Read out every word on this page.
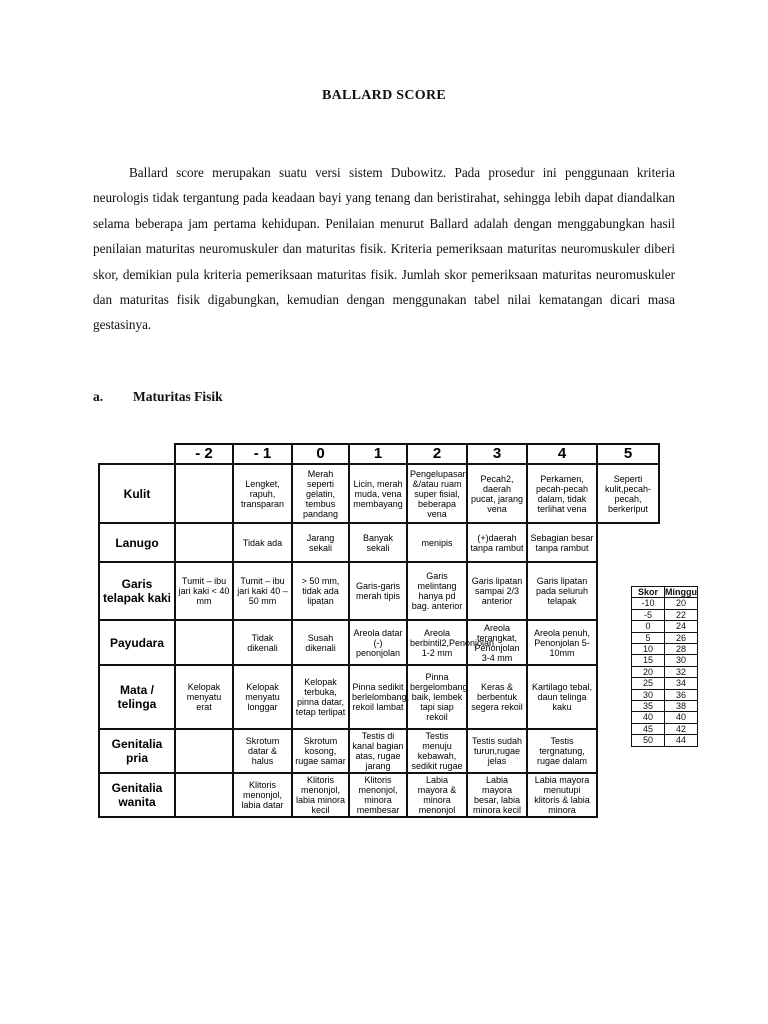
BALLARD SCORE

Ballard score merupakan suatu versi sistem Dubowitz. Pada prosedur ini penggunaan kriteria neurologis tidak tergantung pada keadaan bayi yang tenang dan beristirahat, sehingga lebih dapat diandalkan selama beberapa jam pertama kehidupan. Penilaian menurut Ballard adalah dengan menggabungkan hasil penilaian maturitas neuromuskuler dan maturitas fisik. Kriteria pemeriksaan maturitas neuromuskuler diberi skor, demikian pula kriteria pemeriksaan maturitas fisik. Jumlah skor pemeriksaan maturitas neuromuskuler dan maturitas fisik digabungkan, kemudian dengan menggunakan tabel nilai kematangan dicari masa gestasinya.

a. Maturitas Fisik
	- 2	- 1	0	1	2	3	4	5
Kulit		Lengket, rapuh, transparan	Merah seperti gelatin, tembus pandang	Licin, merah muda, vena membayang	Pengelupasan &/atau ruam super fisial, beberapa vena	Pecah2, daerah pucat, jarang vena	Perkamen, pecah-pecah dalam, tidak terlihat vena	Seperti kulit,pecah-pecah, berkeriput
Lanugo		Tidak ada	Jarang sekali	Banyak sekali	menipis	(+)daerah tanpa rambut	Sebagian besar tanpa rambut	
Garis telapak kaki	Tumit – ibu jari kaki < 40 mm	Tumit – ibu jari kaki 40 –50 mm	> 50 mm, tidak ada lipatan	Garis-garis merah tipis	Garis melintang hanya pd bag. anterior	Garis lipatan sampai 2/3 anterior	Garis lipatan pada seluruh telapak	
Payudara		Tidak dikenali	Susah dikenali	Areola datar (-) penonjolan	Areola berbintil2,Penonjolan 1-2 mm	Areola terangkat, Penonjolan 3-4 mm	Areola penuh, Penonjolan 5- 10mm	
Mata / telinga	Kelopak menyatu erat	Kelopak menyatu longgar	Kelopak terbuka, pinna datar, tetap terlipat	Pinna sedikit berlelombang, rekoil lambat	Pinna bergelombang baik, lembek tapi siap rekoil	Keras & berbentuk segera rekoil	Kartilago tebal, daun telinga kaku	
Genitalia pria		Skrotum datar & halus	Skrotum kosong, rugae samar	Testis di kanal bagian atas, rugae jarang	Testis menuju kebawah, sedikit rugae	Testis sudah turun,rugae jelas	Testis tergnatung, rugae dalam	
Genitalia wanita		Klitoris menonjol, labia datar	Klitoris menonjol, labia minora kecil	Klitoris menonjol, minora membesar	Labia mayora & minora menonjol	Labia mayora besar, labia minora kecil	Labia mayora menutupi klitoris & labia minora	
Skor	Minggu
-10	20
-5	22
0	24
5	26
10	28
15	30
20	32
25	34
30	36
35	38
40	40
45	42
50	44
